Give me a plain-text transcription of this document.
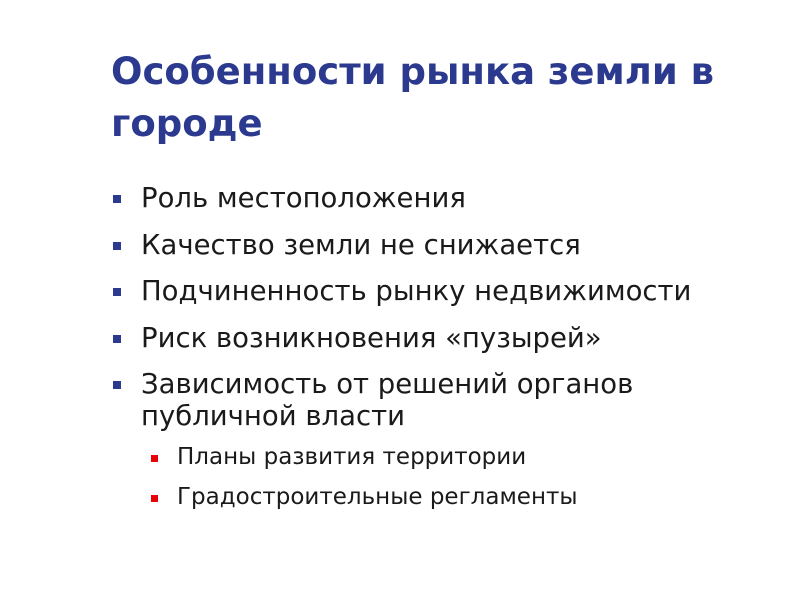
Особенности рынка земли в городе
Роль местоположения
Качество земли не снижается
Подчиненность рынку недвижимости
Риск возникновения «пузырей»
Зависимость от решений органов публичной власти
Планы развития территории
Градостроительные регламенты
